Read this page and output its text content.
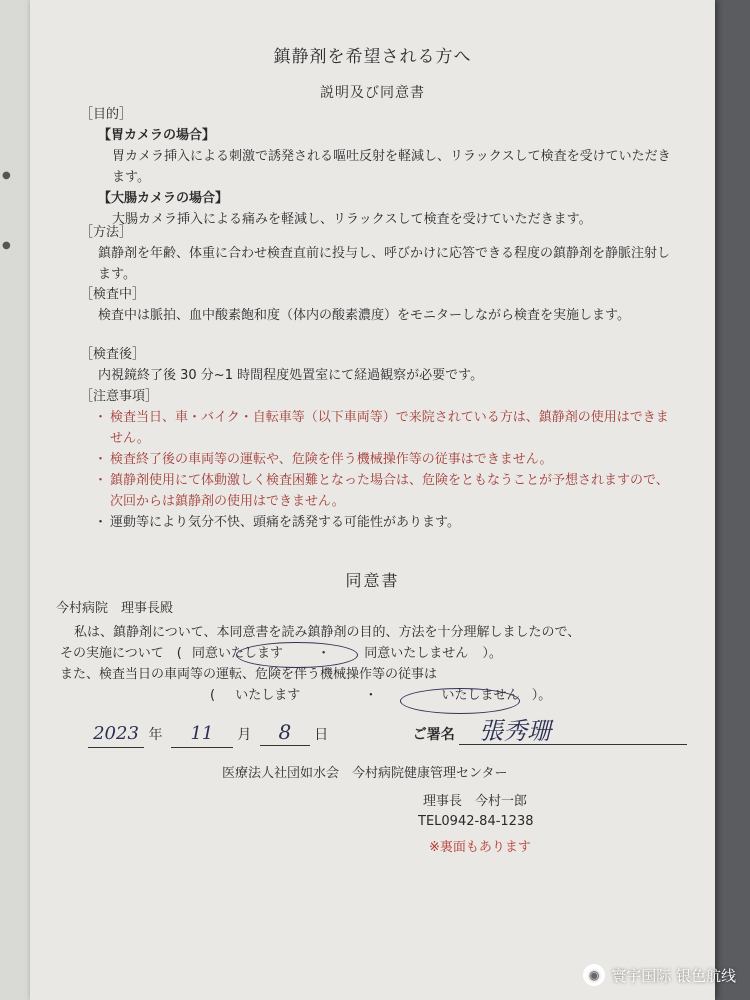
●
●
鎮静剤を希望される方へ
説明及び同意書
［目的］
【胃カメラの場合】
胃カメラ挿入による刺激で誘発される嘔吐反射を軽減し、リラックスして検査を受けていただきます。
【大腸カメラの場合】
大腸カメラ挿入による痛みを軽減し、リラックスして検査を受けていただきます。
［方法］
鎮静剤を年齢、体重に合わせ検査直前に投与し、呼びかけに応答できる程度の鎮静剤を静脈注射します。
［検査中］
検査中は脈拍、血中酸素飽和度（体内の酸素濃度）をモニターしながら検査を実施します。
［検査後］
内視鏡終了後 30 分~1 時間程度処置室にて経過観察が必要です。
［注意事項］
・ 検査当日、車・バイク・自転車等（以下車両等）で来院されている方は、鎮静剤の使用はできません。
・ 検査終了後の車両等の運転や、危険を伴う機械操作等の従事はできません。
・ 鎮静剤使用にて体動激しく検査困難となった場合は、危険をともなうことが予想されますので、次回からは鎮静剤の使用はできません。
・ 運動等により気分不快、頭痛を誘発する可能性があります。
同意書
今村病院　理事長殿
私は、鎮静剤について、本同意書を読み鎮静剤の目的、方法を十分理解しましたので、
その実施について　( 同意いたします	・	同意いたしません ）。
また、検査当日の車両等の運転、危険を伴う機械操作等の従事は
( いたします	・	いたしません ）。
2023 年 11 月 8 日	ご署名 張秀珊
医療法人社団如水会　今村病院健康管理センター
理事長　今村一郎
TEL0942-84-1238
※裏面もあります
◉ 寰宇国际 银色航线
